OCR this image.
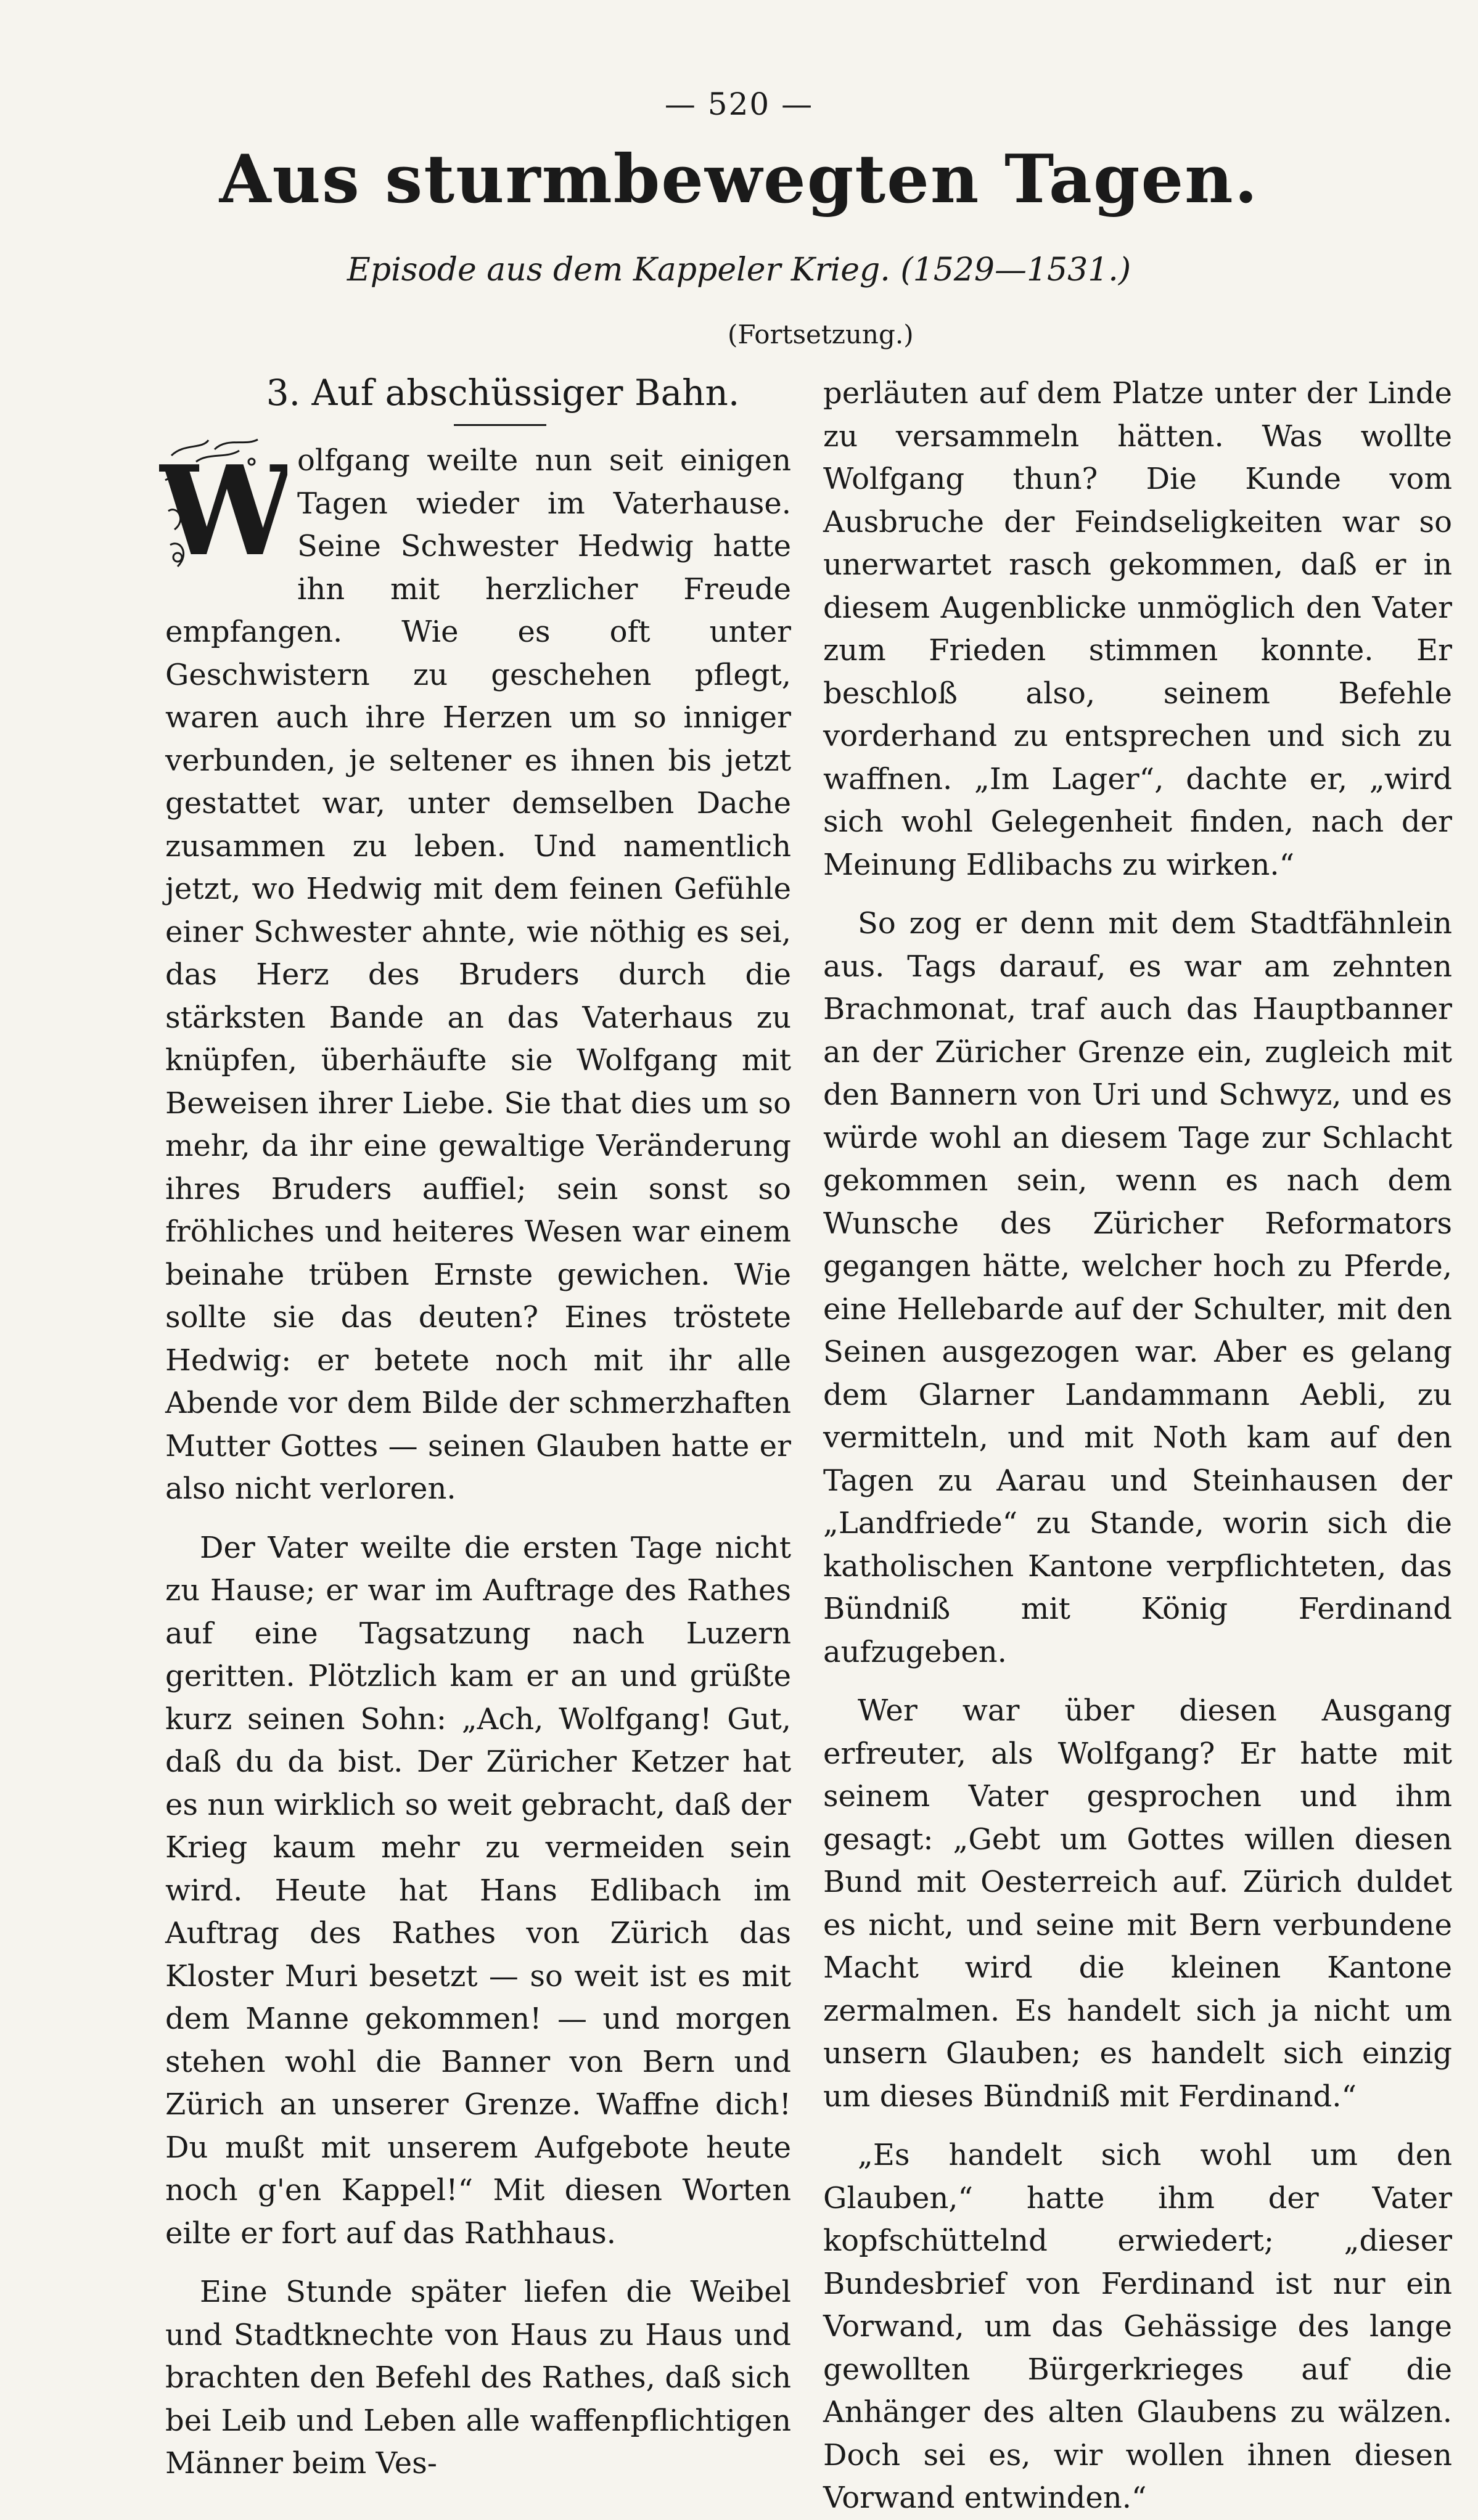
— 520 —
Aus sturmbewegten Tagen.
Episode aus dem Kappeler Krieg. (1529—1531.)
(Fortsetzung.)
3. Auf abschüssiger Bahn.

W olfgang weilte nun seit einigen Tagen wieder im Vaterhause. Seine Schwester Hedwig hatte ihn mit herzlicher Freude empfangen. Wie es oft unter Geschwistern zu geschehen pflegt, waren auch ihre Herzen um so inniger verbunden, je seltener es ihnen bis jetzt gestattet war, unter demselben Dache zusammen zu leben. Und namentlich jetzt, wo Hedwig mit dem feinen Gefühle einer Schwester ahnte, wie nöthig es sei, das Herz des Bruders durch die stärksten Bande an das Vaterhaus zu knüpfen, überhäufte sie Wolfgang mit Beweisen ihrer Liebe. Sie that dies um so mehr, da ihr eine gewaltige Veränderung ihres Bruders auffiel; sein sonst so fröhliches und heiteres Wesen war einem beinahe trüben Ernste gewichen. Wie sollte sie das deuten? Eines tröstete Hedwig: er betete noch mit ihr alle Abende vor dem Bilde der schmerzhaften Mutter Gottes — seinen Glauben hatte er also nicht verloren.

Der Vater weilte die ersten Tage nicht zu Hause; er war im Auftrage des Rathes auf eine Tagsatzung nach Luzern geritten. Plötzlich kam er an und grüßte kurz seinen Sohn: „Ach, Wolfgang! Gut, daß du da bist. Der Züricher Ketzer hat es nun wirklich so weit gebracht, daß der Krieg kaum mehr zu vermeiden sein wird. Heute hat Hans Edlibach im Auftrag des Rathes von Zürich das Kloster Muri besetzt — so weit ist es mit dem Manne gekommen! — und morgen stehen wohl die Banner von Bern und Zürich an unserer Grenze. Waffne dich! Du mußt mit unserem Aufgebote heute noch g'en Kappel!“ Mit diesen Worten eilte er fort auf das Rathhaus.

Eine Stunde später liefen die Weibel und Stadtknechte von Haus zu Haus und brachten den Befehl des Rathes, daß sich bei Leib und Leben alle waffenpflichtigen Männer beim Ves-

perläuten auf dem Platze unter der Linde zu versammeln hätten. Was wollte Wolfgang thun? Die Kunde vom Ausbruche der Feindseligkeiten war so unerwartet rasch gekommen, daß er in diesem Augenblicke unmöglich den Vater zum Frieden stimmen konnte. Er beschloß also, seinem Befehle vorderhand zu entsprechen und sich zu waffnen. „Im Lager“, dachte er, „wird sich wohl Gelegenheit finden, nach der Meinung Edlibachs zu wirken.“

So zog er denn mit dem Stadtfähnlein aus. Tags darauf, es war am zehnten Brachmonat, traf auch das Hauptbanner an der Züricher Grenze ein, zugleich mit den Bannern von Uri und Schwyz, und es würde wohl an diesem Tage zur Schlacht gekommen sein, wenn es nach dem Wunsche des Züricher Reformators gegangen hätte, welcher hoch zu Pferde, eine Hellebarde auf der Schulter, mit den Seinen ausgezogen war. Aber es gelang dem Glarner Landammann Aebli, zu vermitteln, und mit Noth kam auf den Tagen zu Aarau und Steinhausen der „Landfriede“ zu Stande, worin sich die katholischen Kantone verpflichteten, das Bündniß mit König Ferdinand aufzugeben.

Wer war über diesen Ausgang erfreuter, als Wolfgang? Er hatte mit seinem Vater gesprochen und ihm gesagt: „Gebt um Gottes willen diesen Bund mit Oesterreich auf. Zürich duldet es nicht, und seine mit Bern verbundene Macht wird die kleinen Kantone zermalmen. Es handelt sich ja nicht um unsern Glauben; es handelt sich einzig um dieses Bündniß mit Ferdinand.“

„Es handelt sich wohl um den Glauben,“ hatte ihm der Vater kopfschüttelnd erwiedert; „dieser Bundesbrief von Ferdinand ist nur ein Vorwand, um das Gehässige des lange gewollten Bürgerkrieges auf die Anhänger des alten Glaubens zu wälzen. Doch sei es, wir wollen ihnen diesen Vorwand entwinden.“
